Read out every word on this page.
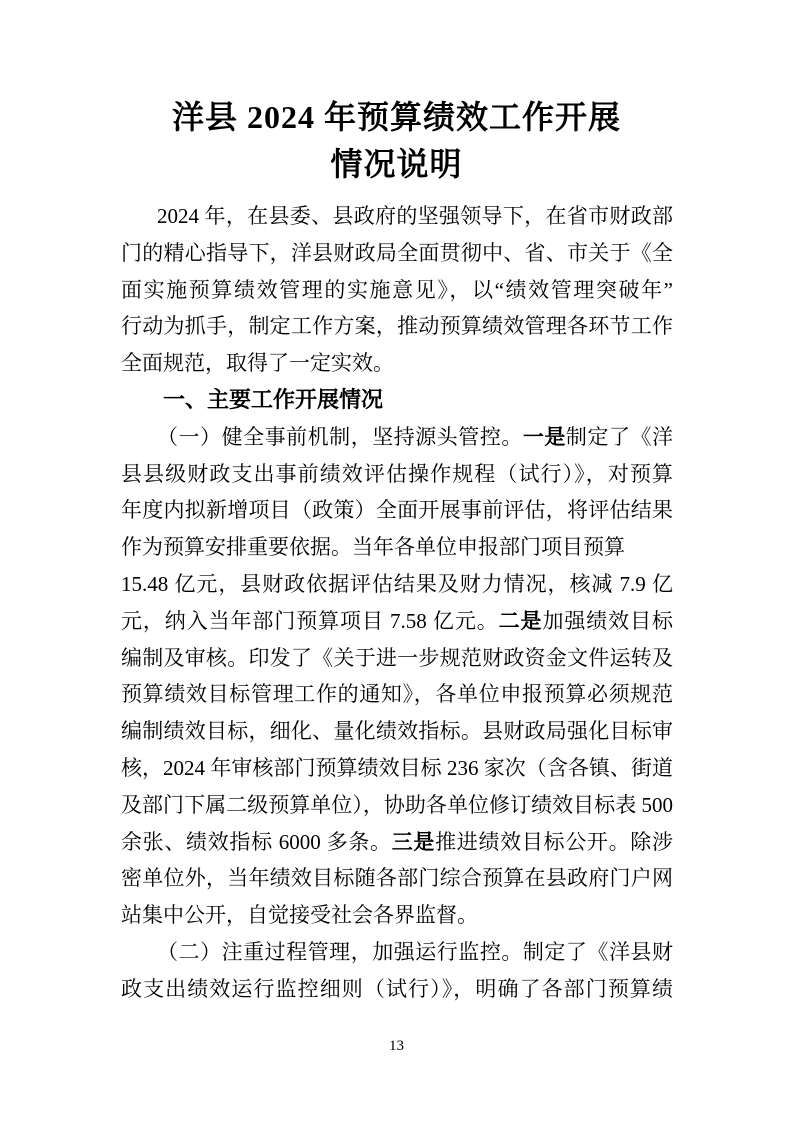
洋县 2024 年预算绩效工作开展
情况说明
2024 年，在县委、县政府的坚强领导下，在省市财政部
门的精心指导下，洋县财政局全面贯彻中、省、市关于《全
面实施预算绩效管理的实施意见》，以“绩效管理突破年”
行动为抓手，制定工作方案，推动预算绩效管理各环节工作
全面规范，取得了一定实效。
一、主要工作开展情况
（一）健全事前机制，坚持源头管控。一是制定了《洋
县县级财政支出事前绩效评估操作规程（试行）》，对预算
年度内拟新增项目（政策）全面开展事前评估，将评估结果
作为预算安排重要依据。当年各单位申报部门项目预算
15.48 亿元，县财政依据评估结果及财力情况，核减 7.9 亿
元，纳入当年部门预算项目 7.58 亿元。二是加强绩效目标
编制及审核。印发了《关于进一步规范财政资金文件运转及
预算绩效目标管理工作的通知》，各单位申报预算必须规范
编制绩效目标，细化、量化绩效指标。县财政局强化目标审
核，2024 年审核部门预算绩效目标 236 家次（含各镇、街道
及部门下属二级预算单位），协助各单位修订绩效目标表 500
余张、绩效指标 6000 多条。三是推进绩效目标公开。除涉
密单位外，当年绩效目标随各部门综合预算在县政府门户网
站集中公开，自觉接受社会各界监督。
（二）注重过程管理，加强运行监控。制定了《洋县财
政支出绩效运行监控细则（试行）》，明确了各部门预算绩
13
